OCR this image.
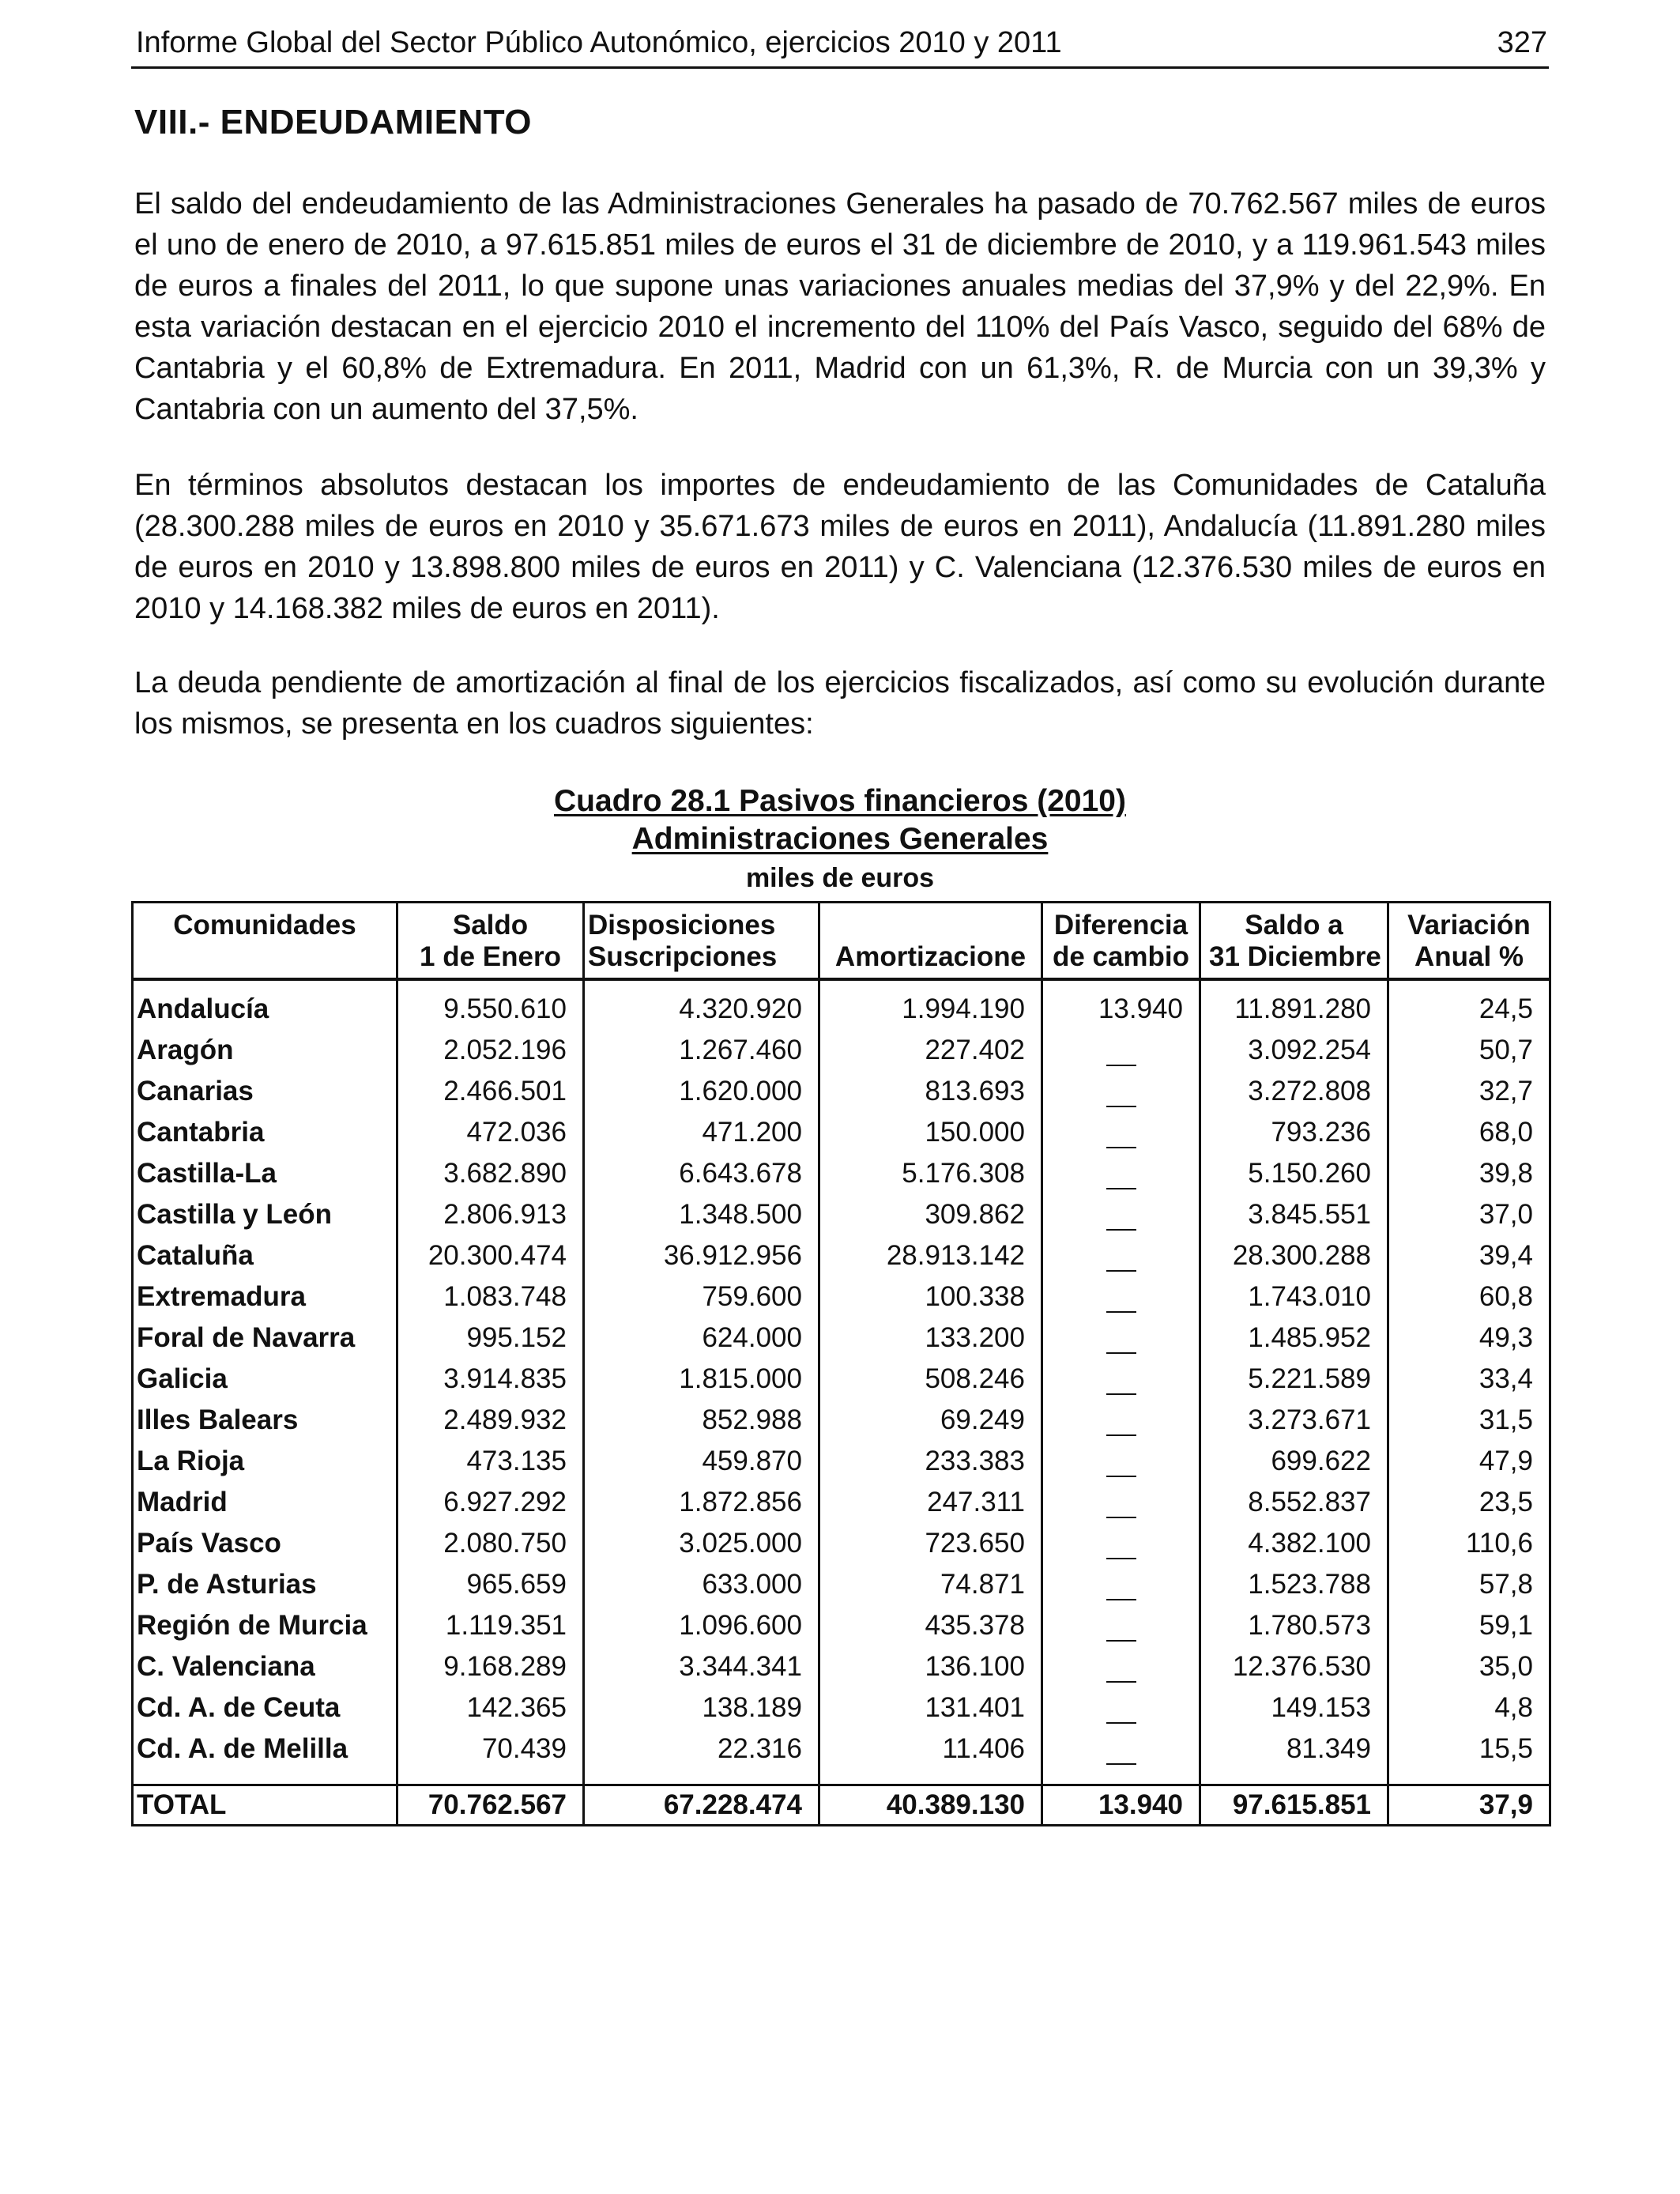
Informe Global del Sector Público Autonómico, ejercicios 2010 y 2011	327
VIII.- ENDEUDAMIENTO

El saldo del endeudamiento de las Administraciones Generales ha pasado de 70.762.567 miles de euros el uno de enero de 2010, a 97.615.851 miles de euros el 31 de diciembre de 2010, y a 119.961.543 miles de euros a finales del 2011, lo que supone unas variaciones anuales medias del 37,9% y del 22,9%. En esta variación destacan en el ejercicio 2010 el incremento del 110% del País Vasco, seguido del 68% de Cantabria y el 60,8% de Extremadura. En 2011, Madrid con un 61,3%, R. de Murcia con un 39,3% y Cantabria con un aumento del 37,5%.

En términos absolutos destacan los importes de endeudamiento de las Comunidades de Cataluña (28.300.288 miles de euros en 2010 y 35.671.673 miles de euros en 2011), Andalucía (11.891.280 miles de euros en 2010 y 13.898.800 miles de euros en 2011) y C. Valenciana (12.376.530 miles de euros en 2010 y 14.168.382 miles de euros en 2011).

La deuda pendiente de amortización al final de los ejercicios fiscalizados, así como su evolución durante los mismos, se presenta en los cuadros siguientes:

Cuadro 28.1 Pasivos financieros (2010)
Administraciones Generales
miles de euros
Comunidades	Saldo	Disposiciones		Diferencia	Saldo a	Variación
	1 de Enero	Suscripciones	Amortizacione	de cambio	31 Diciembre	Anual %
Andalucía	9.550.610	4.320.920	1.994.190	13.940	11.891.280	24,5
Aragón	2.052.196	1.267.460	227.402		3.092.254	50,7
Canarias	2.466.501	1.620.000	813.693		3.272.808	32,7
Cantabria	472.036	471.200	150.000		793.236	68,0
Castilla-La	3.682.890	6.643.678	5.176.308		5.150.260	39,8
Castilla y León	2.806.913	1.348.500	309.862		3.845.551	37,0
Cataluña	20.300.474	36.912.956	28.913.142		28.300.288	39,4
Extremadura	1.083.748	759.600	100.338		1.743.010	60,8
Foral de Navarra	995.152	624.000	133.200		1.485.952	49,3
Galicia	3.914.835	1.815.000	508.246		5.221.589	33,4
Illes Balears	2.489.932	852.988	69.249		3.273.671	31,5
La Rioja	473.135	459.870	233.383		699.622	47,9
Madrid	6.927.292	1.872.856	247.311		8.552.837	23,5
País Vasco	2.080.750	3.025.000	723.650		4.382.100	110,6
P. de Asturias	965.659	633.000	74.871		1.523.788	57,8
Región de Murcia	1.119.351	1.096.600	435.378		1.780.573	59,1
C. Valenciana	9.168.289	3.344.341	136.100		12.376.530	35,0
Cd. A. de Ceuta	142.365	138.189	131.401		149.153	4,8
Cd. A. de Melilla	70.439	22.316	11.406		81.349	15,5

TOTAL	70.762.567	67.228.474	40.389.130	13.940	97.615.851	37,9
